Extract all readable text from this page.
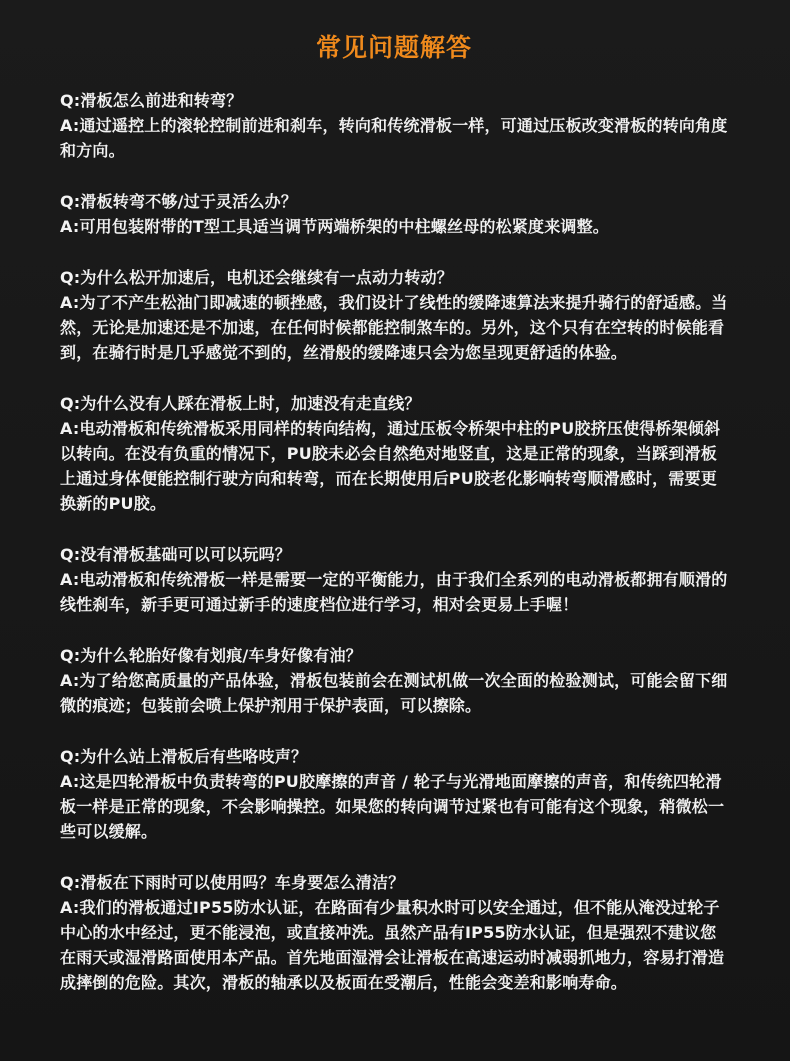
常见问题解答

Q:滑板怎么前进和转弯？

A:通过遥控上的滚轮控制前进和刹车，转向和传统滑板一样，可通过压板改变滑板的转向角度和方向。

Q:滑板转弯不够/过于灵活么办？

A:可用包装附带的T型工具适当调节两端桥架的中柱螺丝母的松紧度来调整。

Q:为什么松开加速后，电机还会继续有一点动力转动？

A:为了不产生松油门即减速的顿挫感，我们设计了线性的缓降速算法来提升骑行的舒适感。当然，无论是加速还是不加速，在任何时候都能控制煞车的。另外，这个只有在空转的时候能看到，在骑行时是几乎感觉不到的，丝滑般的缓降速只会为您呈现更舒适的体验。

Q:为什么没有人踩在滑板上时，加速没有走直线？

A:电动滑板和传统滑板采用同样的转向结构，通过压板令桥架中柱的PU胶挤压使得桥架倾斜以转向。在没有负重的情况下，PU胶未必会自然绝对地竖直，这是正常的现象，当踩到滑板上通过身体便能控制行驶方向和转弯，而在长期使用后PU胶老化影响转弯顺滑感时，需要更换新的PU胶。

Q:没有滑板基础可以可以玩吗？

A:电动滑板和传统滑板一样是需要一定的平衡能力，由于我们全系列的电动滑板都拥有顺滑的线性刹车，新手更可通过新手的速度档位进行学习，相对会更易上手喔！

Q:为什么轮胎好像有划痕/车身好像有油？

A:为了给您高质量的产品体验，滑板包装前会在测试机做一次全面的检验测试，可能会留下细微的痕迹；包装前会喷上保护剂用于保护表面，可以擦除。

Q:为什么站上滑板后有些咯吱声？

A:这是四轮滑板中负责转弯的PU胶摩擦的声音 / 轮子与光滑地面摩擦的声音，和传统四轮滑板一样是正常的现象，不会影响操控。如果您的转向调节过紧也有可能有这个现象，稍微松一些可以缓解。

Q:滑板在下雨时可以使用吗？车身要怎么清洁？

A:我们的滑板通过IP55防水认证，在路面有少量积水时可以安全通过，但不能从淹没过轮子中心的水中经过，更不能浸泡，或直接冲洗。虽然产品有IP55防水认证，但是强烈不建议您在雨天或湿滑路面使用本产品。首先地面湿滑会让滑板在高速运动时减弱抓地力，容易打滑造成摔倒的危险。其次，滑板的轴承以及板面在受潮后，性能会变差和影响寿命。
